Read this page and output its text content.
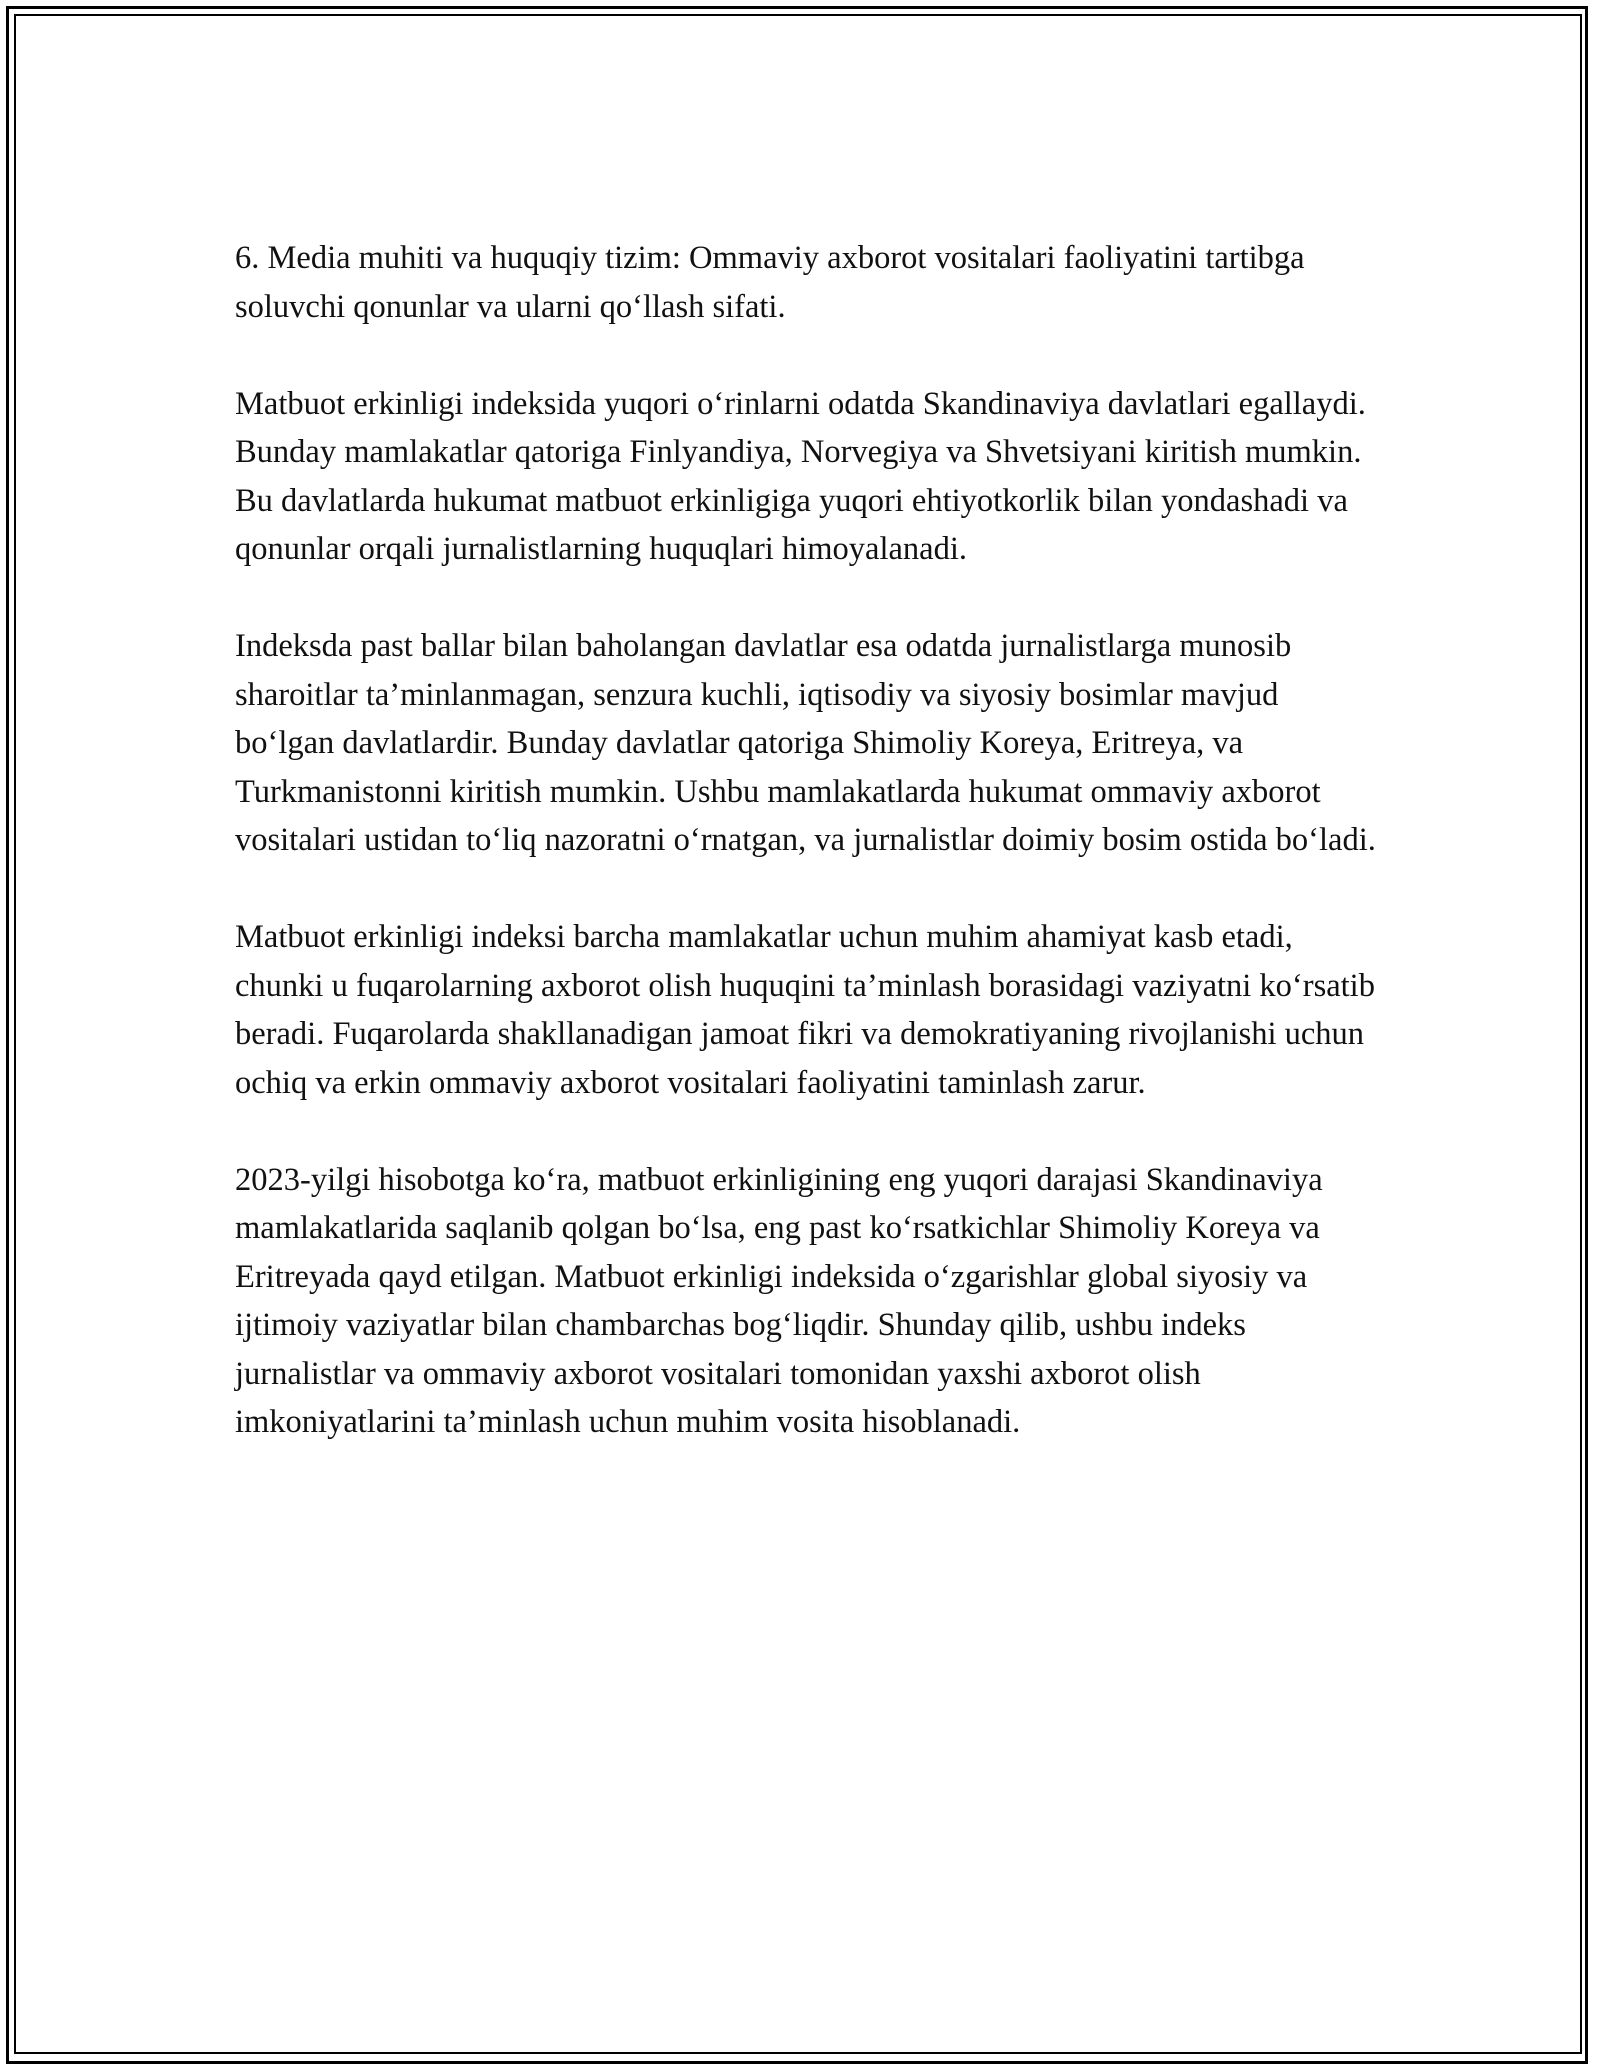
6. Media muhiti va huquqiy tizim: Ommaviy axborot vositalari faoliyatini tartibga soluvchi qonunlar va ularni qo‘llash sifati.

Matbuot erkinligi indeksida yuqori o‘rinlarni odatda Skandinaviya davlatlari egallaydi. Bunday mamlakatlar qatoriga Finlyandiya, Norvegiya va Shvetsiyani kiritish mumkin. Bu davlatlarda hukumat matbuot erkinligiga yuqori ehtiyotkorlik bilan yondashadi va qonunlar orqali jurnalistlarning huquqlari himoyalanadi.

Indeksda past ballar bilan baholangan davlatlar esa odatda jurnalistlarga munosib sharoitlar ta’minlanmagan, senzura kuchli, iqtisodiy va siyosiy bosimlar mavjud bo‘lgan davlatlardir. Bunday davlatlar qatoriga Shimoliy Koreya, Eritreya, va Turkmanistonni kiritish mumkin. Ushbu mamlakatlarda hukumat ommaviy axborot vositalari ustidan to‘liq nazoratni o‘rnatgan, va jurnalistlar doimiy bosim ostida bo‘ladi.

Matbuot erkinligi indeksi barcha mamlakatlar uchun muhim ahamiyat kasb etadi, chunki u fuqarolarning axborot olish huquqini ta’minlash borasidagi vaziyatni ko‘rsatib beradi. Fuqarolarda shakllanadigan jamoat fikri va demokratiyaning rivojlanishi uchun ochiq va erkin ommaviy axborot vositalari faoliyatini taminlash zarur.

2023-yilgi hisobotga ko‘ra, matbuot erkinligining eng yuqori darajasi Skandinaviya mamlakatlarida saqlanib qolgan bo‘lsa, eng past ko‘rsatkichlar Shimoliy Koreya va Eritreyada qayd etilgan. Matbuot erkinligi indeksida o‘zgarishlar global siyosiy va ijtimoiy vaziyatlar bilan chambarchas bog‘liqdir. Shunday qilib, ushbu indeks jurnalistlar va ommaviy axborot vositalari tomonidan yaxshi axborot olish imkoniyatlarini ta’minlash uchun muhim vosita hisoblanadi.
